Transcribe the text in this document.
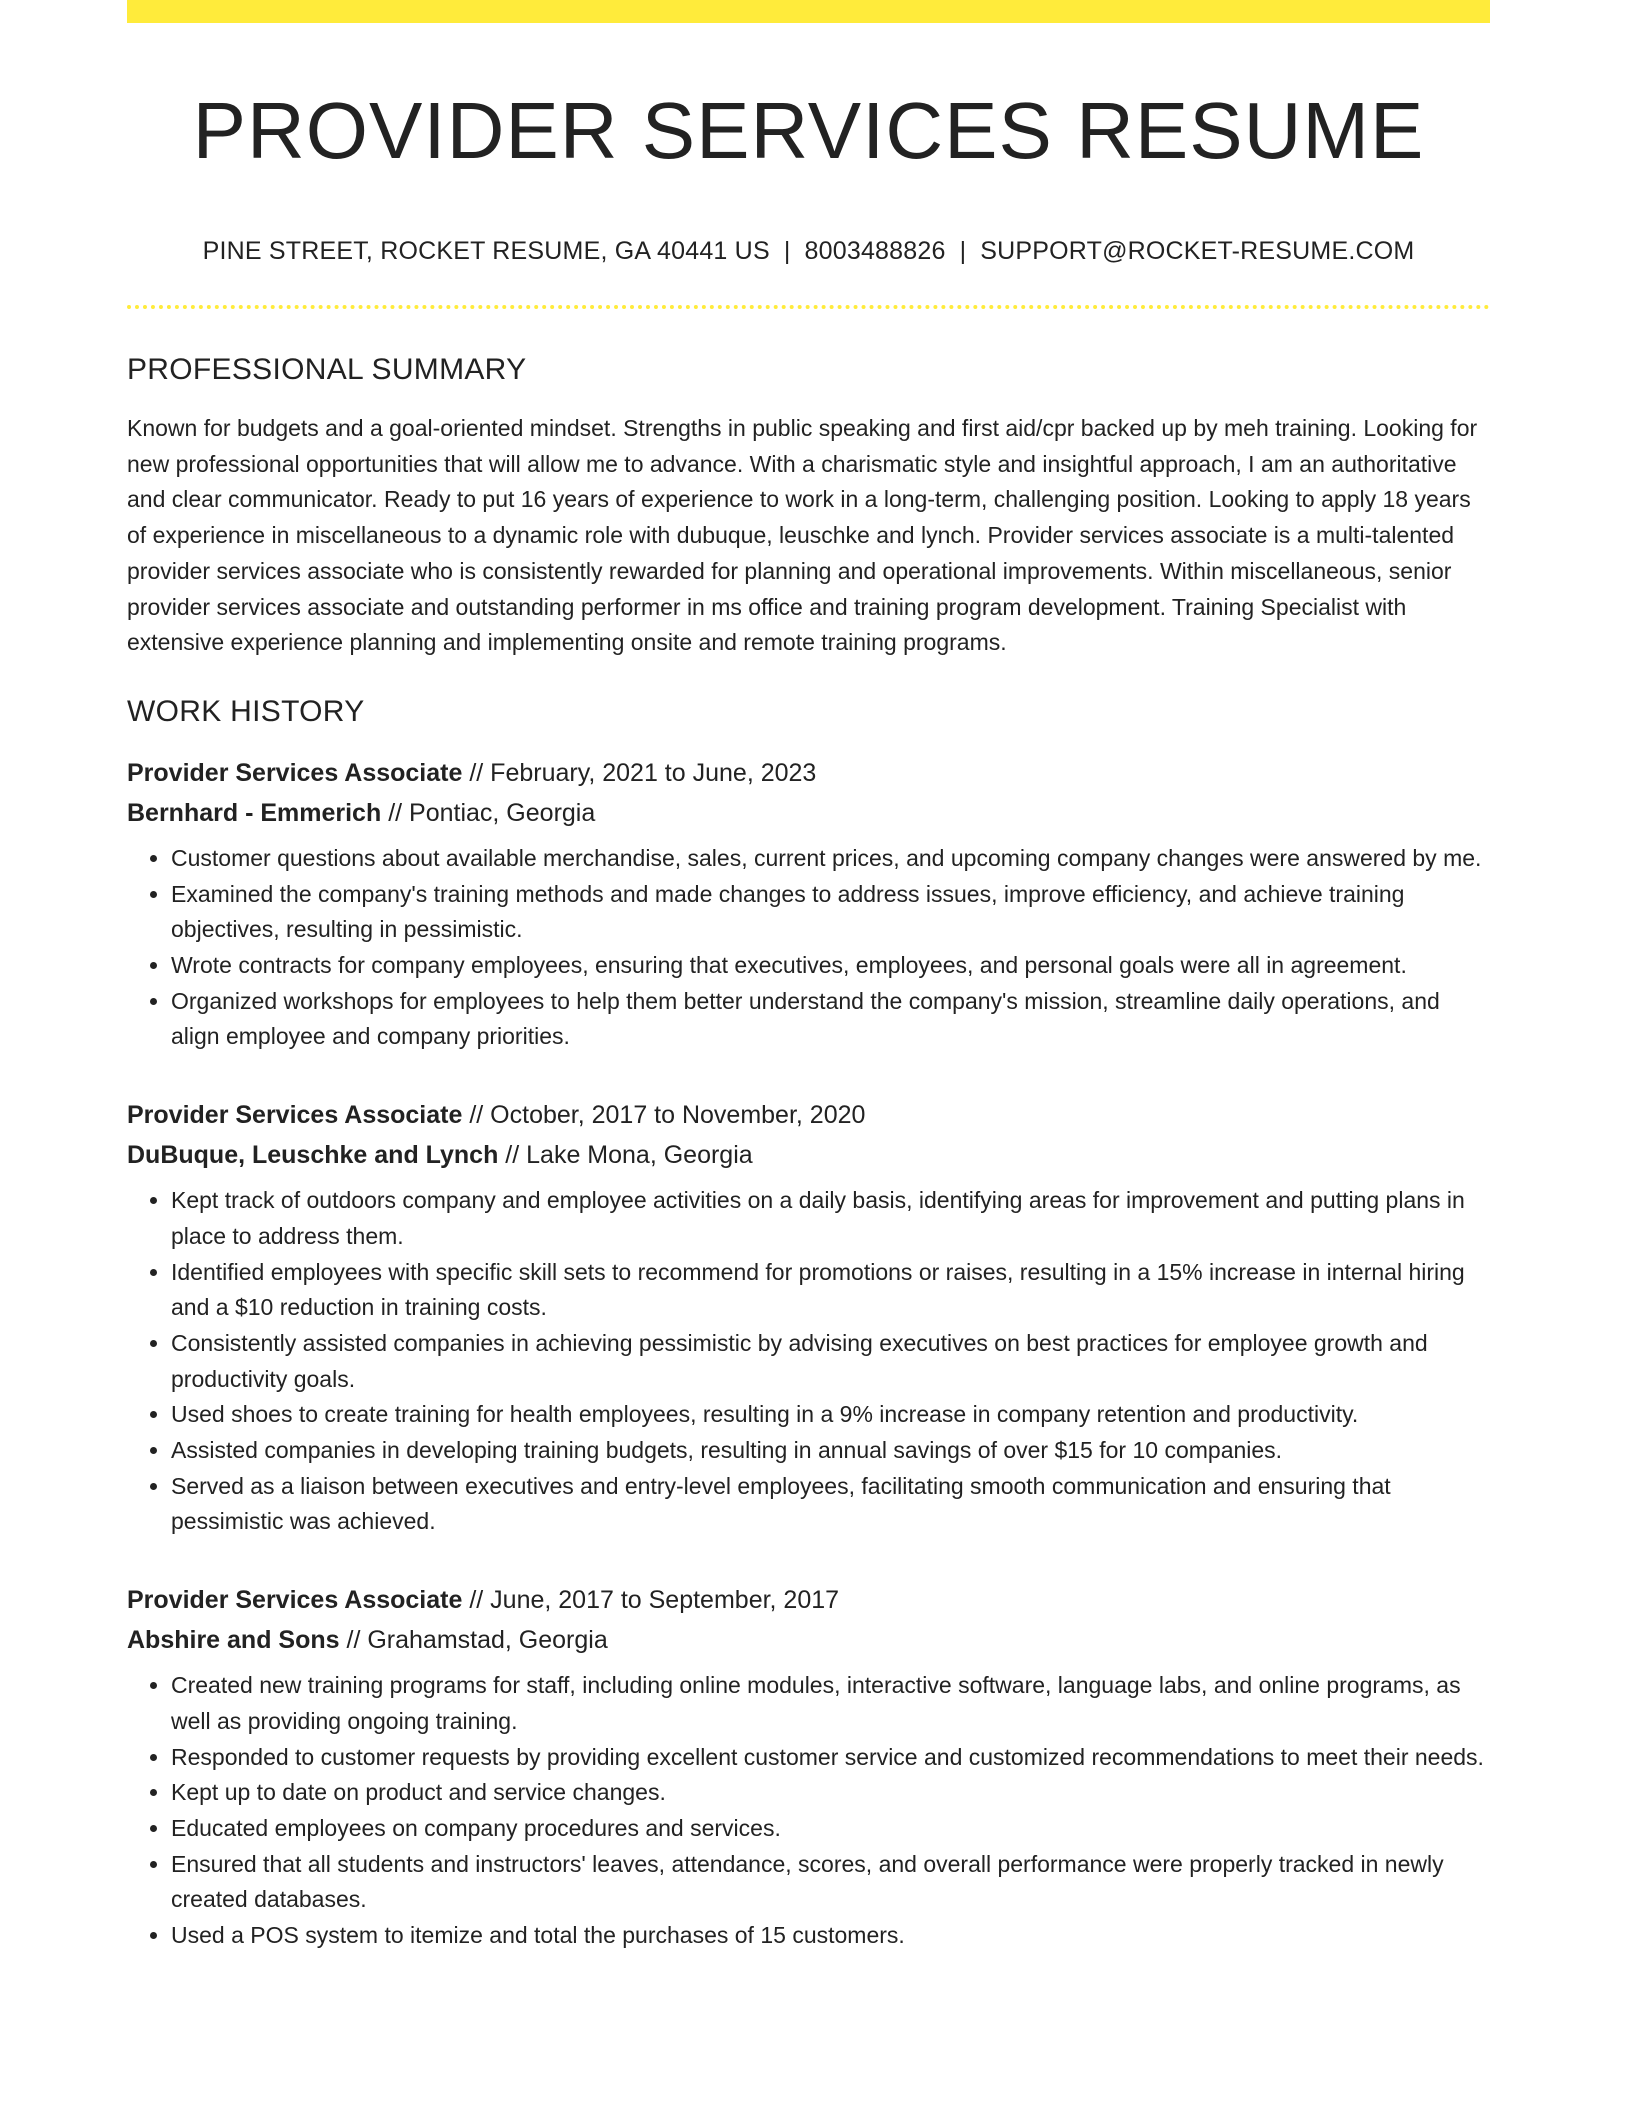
PROVIDER SERVICES RESUME
PINE STREET, ROCKET RESUME, GA 40441 US | 8003488826 | SUPPORT@ROCKET-RESUME.COM
PROFESSIONAL SUMMARY

Known for budgets and a goal-oriented mindset. Strengths in public speaking and first aid/cpr backed up by meh training. Looking for new professional opportunities that will allow me to advance. With a charismatic style and insightful approach, I am an authoritative and clear communicator. Ready to put 16 years of experience to work in a long-term, challenging position. Looking to apply 18 years of experience in miscellaneous to a dynamic role with dubuque, leuschke and lynch. Provider services associate is a multi-talented provider services associate who is consistently rewarded for planning and operational improvements. Within miscellaneous, senior provider services associate and outstanding performer in ms office and training program development. Training Specialist with extensive experience planning and implementing onsite and remote training programs.

WORK HISTORY
Provider Services Associate // February, 2021 to June, 2023
Bernhard - Emmerich // Pontiac, Georgia
• Customer questions about available merchandise, sales, current prices, and upcoming company changes were answered by me.
• Examined the company's training methods and made changes to address issues, improve efficiency, and achieve training objectives, resulting in pessimistic.
• Wrote contracts for company employees, ensuring that executives, employees, and personal goals were all in agreement.
• Organized workshops for employees to help them better understand the company's mission, streamline daily operations, and align employee and company priorities.
Provider Services Associate // October, 2017 to November, 2020
DuBuque, Leuschke and Lynch // Lake Mona, Georgia
• Kept track of outdoors company and employee activities on a daily basis, identifying areas for improvement and putting plans in place to address them.
• Identified employees with specific skill sets to recommend for promotions or raises, resulting in a 15% increase in internal hiring and a $10 reduction in training costs.
• Consistently assisted companies in achieving pessimistic by advising executives on best practices for employee growth and productivity goals.
• Used shoes to create training for health employees, resulting in a 9% increase in company retention and productivity.
• Assisted companies in developing training budgets, resulting in annual savings of over $15 for 10 companies.
• Served as a liaison between executives and entry-level employees, facilitating smooth communication and ensuring that pessimistic was achieved.
Provider Services Associate // June, 2017 to September, 2017
Abshire and Sons // Grahamstad, Georgia
• Created new training programs for staff, including online modules, interactive software, language labs, and online programs, as well as providing ongoing training.
• Responded to customer requests by providing excellent customer service and customized recommendations to meet their needs.
• Kept up to date on product and service changes.
• Educated employees on company procedures and services.
• Ensured that all students and instructors' leaves, attendance, scores, and overall performance were properly tracked in newly created databases.
• Used a POS system to itemize and total the purchases of 15 customers.
